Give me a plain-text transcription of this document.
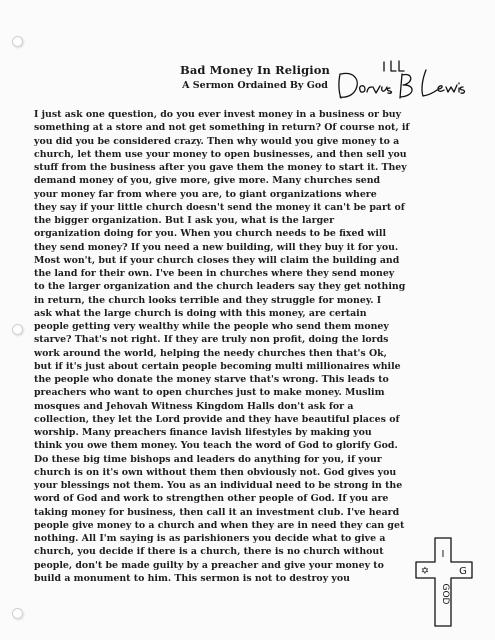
Bad Money In Religion
A Sermon Ordained By God
I just ask one question, do you ever invest money in a business or buy
something at a store and not get something in return? Of course not, if
you did you be considered crazy. Then why would you give money to a
church, let them use your money to open businesses, and then sell you
stuff from the business after you gave them the money to start it. They
demand money of you, give more, give more. Many churches send
your money far from where you are, to giant organizations where
they say if your little church doesn't send the money it can't be part of
the bigger organization. But I ask you, what is the larger
organization doing for you. When you church needs to be fixed will
they send money? If you need a new building, will they buy it for you.
Most won't, but if your church closes they will claim the building and
the land for their own. I've been in churches where they send money
to the larger organization and the church leaders say they get nothing
in return, the church looks terrible and they struggle for money. I
ask what the large church is doing with this money, are certain
people getting very wealthy while the people who send them money
starve? That's not right. If they are truly non profit, doing the lords
work around the world, helping the needy churches then that's Ok,
but if it's just about certain people becoming multi millionaires while
the people who donate the money starve that's wrong. This leads to
preachers who want to open churches just to make money. Muslim
mosques and Jehovah Witness Kingdom Halls don't ask for a
collection, they let the Lord provide and they have beautiful places of
worship. Many preachers finance lavish lifestyles by making you
think you owe them money. You teach the word of God to glorify God.
Do these big time bishops and leaders do anything for you, if your
church is on it's own without them then obviously not. God gives you
your blessings not them. You as an individual need to be strong in the
word of God and work to strengthen other people of God. If you are
taking money for business, then call it an investment club. I've heard
people give money to a church and when they are in need they can get
nothing. All I'm saying is as parishioners you decide what to give a
church, you decide if there is a church, there is no church without
people, don't be made guilty by a preacher and give your money to
build a monument to him. This sermon is not to destroy you
I
G
✡
GOD
